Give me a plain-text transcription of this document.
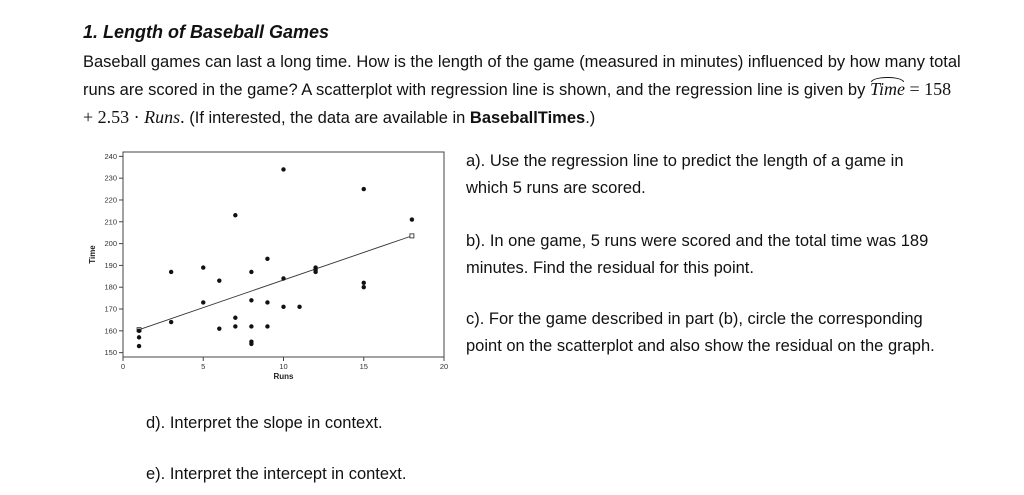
1. Length of Baseball Games
Baseball games can last a long time. How is the length of the game (measured in minutes) influenced by how many total runs are scored in the game? A scatterplot with regression line is shown, and the regression line is given by Time = 158 + 2.53 · Runs. (If interested, the data are available in BaseballTimes.)
150
160
170
180
190
200
210
220
230
240
0	5	10	15	20
Runs
Time
a). Use the regression line to predict the length of a game in which 5 runs are scored.
b). In one game, 5 runs were scored and the total time was 189 minutes. Find the residual for this point.
c). For the game described in part (b), circle the corresponding point on the scatterplot and also show the residual on the graph.
d). Interpret the slope in context.
e). Interpret the intercept in context.
